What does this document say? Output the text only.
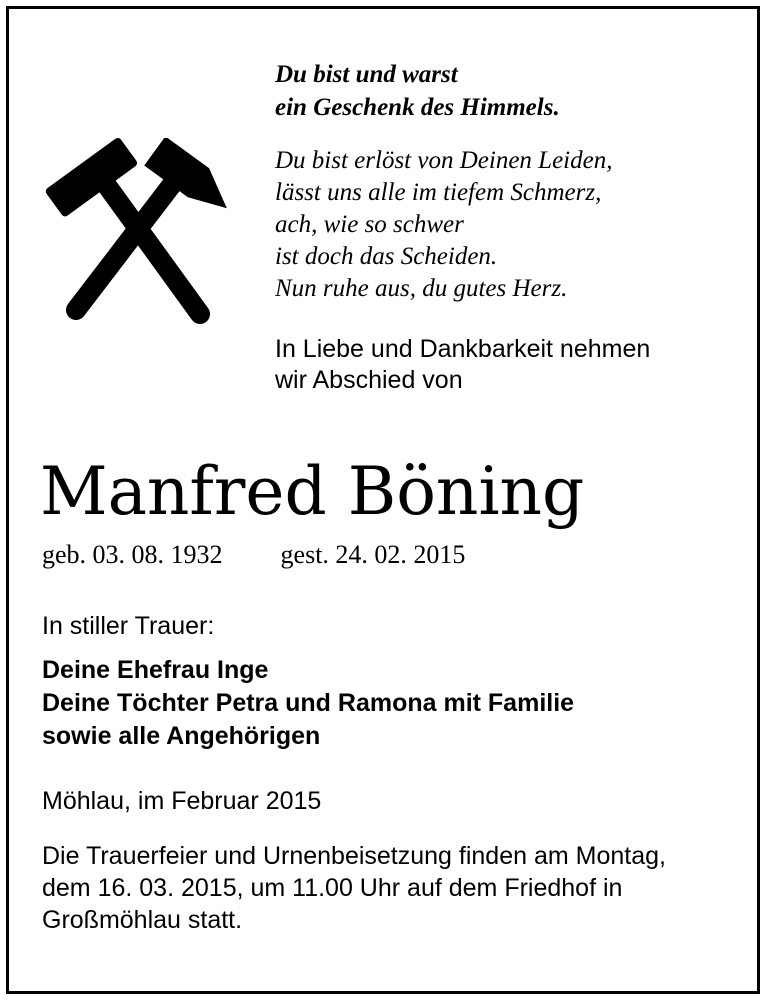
Du bist und warst
ein Geschenk des Himmels.
Du bist erlöst von Deinen Leiden,
lässt uns alle im tiefem Schmerz,
ach, wie so schwer
ist doch das Scheiden.
Nun ruhe aus, du gutes Herz.
In Liebe und Dankbarkeit nehmen
wir Abschied von
Manfred Böning
geb. 03. 08. 1932 gest. 24. 02. 2015
In stiller Trauer:
Deine Ehefrau Inge
Deine Töchter Petra und Ramona mit Familie
sowie alle Angehörigen
Möhlau, im Februar 2015
Die Trauerfeier und Urnenbeisetzung finden am Montag,
dem 16. 03. 2015, um 11.00 Uhr auf dem Friedhof in
Großmöhlau statt.
